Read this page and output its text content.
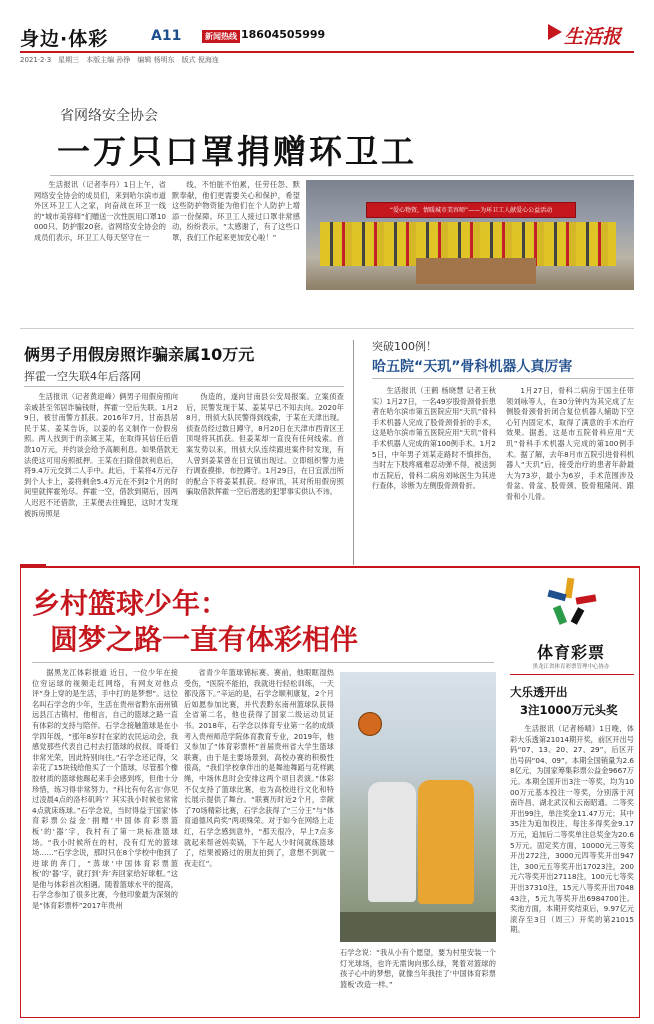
身边·体彩	A11	新闻热线 18604505999	生活报
2021·2·3　星期三　本版主编 孙铮　编辑 杨明东　版式 倪海连
省网络安全协会
一万只口罩捐赠环卫工

生活报讯（记者李丹）1日上午，省网络安全协会的成员们，来到哈尔滨市道外区环卫工人之家，向奋战在环卫一线的“城市美容师”们赠送一次性医用口罩10000只、防护服20套。省网络安全协会的成员们表示，环卫工人每天坚守在一

线，不怕脏不怕累，任劳任怨、默默奉献，他们更需要关心和保护，希望这些防护物资能为他们在个人防护上增添一份保障。环卫工人接过口罩非常感动，纷纷表示，“太感谢了，有了这些口罩，我们工作起来更加安心啦！”

“爱心物资，情暖城市美容师”——为环卫工人献爱心公益活动
俩男子用假房照诈骗亲属10万元
挥霍一空失联4年后落网

生活报讯（记者黄迎峰）俩男子用假房照向亲戚甚至邻居诈骗钱财，挥霍一空后失联。1月29日，被甘南警方抓获。2016年7月，甘南县居民于某、姜某告诉，以姜的名义制作一份假房照。两人找到于的亲属王某，在取得其信任后借款10万元，并约谈会给予高额利息。如果借款无法使这可用房照抵押。王某在扫除借款利息后，将9.4万元交到二人手中。此后，于某将4万元存到个人卡上，姜将剩余5.4万元在不到2个月的时间里就挥霍殆尽。挥霍一空，借款到期后，因两人迟迟不还借款，王某便去往魄犯，这时才发现被拆房照是

伪造的，遂向甘南县公安局报案。立案侦查后，民警发现于某、姜某早已不知去向。2020年8月，刑侦大队民警得到线索，于某在天津出现。侦查员经过数日蹲守，8月20日在天津市西青区王顶堤将其抓获。但姜某却一直没有任何线索。首案发势以来，刑侦大队连续跟进案件时发现，有人曾到姜某曾在日宜镇出现过。立即组织警力进行调查摸排、布控蹲守。1月29日，在日宜派出所的配合下将姜某抓获。经审讯，其对所用假房照骗取借款挥霍一空后潜逃的犯罪事实供认不讳。

突破100例！
哈五院“天玑”骨科机器人真厉害

生活报讯（王鹤 杨晓慧 记者王秋实）1月27日，一名49岁股骨颈骨折患者在哈尔滨市第五医院应用“天玑”骨科手术机器人完成了股骨颈骨折的手术，这是哈尔滨市第五医院应用“天玑”骨科手术机器人完成的第100例手术。1月25日，中年男子刘某走路时不慎摔伤，当时左下肢疼痛难忍动弹不得，被送到市五院后，骨科二病房刘咏医生为其进行查体，诊断为左侧股骨颈骨折。

1月27日，骨科二病房于国主任带领刘咏等人，在30分钟内为其完成了左侧股骨颈骨折闭合复位机器人辅助下空心钉内固定术，取得了满意的手术治疗效果。据悉，这是市五院骨科应用“天玑”骨科手术机器人完成的第100例手术。据了解，去年8月市五院引进骨科机器人“天玑”后，接受治疗的患者年龄最大为73岁，最小为6岁，手术范围涉及骨盆、骨盆、股骨颈、股骨粗隆间、跟骨和小儿骨。

乡村篮球少年：
圆梦之路一直有体彩相伴

据黑龙江体彩报道 近日，一位少年在接位穷运球的视频走红网络，有网友对他点评“身上穿的是生活，手中打的是梦想”。这位名叫石学念的少年，生活在贵州省黔东南州镇远县江古镇村，他相言，自己的篮球之路一直有体彩的支持与陪伴。石学念接触篮球是在小学四年级，“那年8岁时在家的农民运动会，我感觉那些代表自己村去打篮球的叔叔、哥哥们非常光荣，因此特别向往。”石学念还记得，父亲花了15块钱给他买了一个篮球，尽管那个橡胶材质的篮球他踢起来手会感到疼，但他十分珍惜，练习得非常努力。“科比有句名言‘你见过凌晨4点的洛杉矶吗’？其实我小时候也常常4点就床练球。”石学念说，当时得益于国家‘体育彩票公益金’捐赠‘中国体育彩票篮板’的‘器’字，我村有了第一块标准篮球场。“我小时候所在的村，没有灯光的篮球场……”石学念说，那时只在8个学校中他到了进球的奔门，“蒸球‘中国体育彩票篮板’的‘器’字，就打到‘奔’奔回家给好球框。”这是他与体彩首次相遇。随着篮球水平的提高，石学念参加了很多比赛，今他印象最为深刻的是“体育彩票杯”2017年贵州

省青少年篮球锦标赛。赛前，他眼眶湿热受伤，“医院不能拍，我就进行轻松训练，一天都没落下。”辛运的是，石学念顺利康复，2个月后如愿参加比赛，并代表黔东南州篮球队获得全省第二名，他也获得了国家二级运动员证书。2018年，石学念以体育专业第一名的成绩考入贵州师范学院体育教育专业，2019年，他又参加了“体育彩票杯”首届贵州省大学生篮球联赛，由于是主要场景到，高校办赛的积极性很高，“我们学校拿伴出的是舞池舞蹈与花样跳绳，中场休息时会安排这两个项目表演。”体彩不仅支持了篮球比赛，也为高校进行文化和特长展示提供了舞台。“联赛历时近2个月，幸献了70场精彩比赛，石学念获得了“三分王”与“体育道德风尚奖”两项殊荣。对于如今在网络上走红，石学念感到意外，“那天很冷，早上7点多就起来帮爸妈卖锅，下午起人少时间就练篮球了，结果被路过的朋友拍到了，意想不到就一夜走红”。

石学念说：“我从小有个愿望，要为村里安装一个灯光球场，也许无需询向那么绿，凳着对篮球的孩子心中的梦想，就像当年我挂了‘中国体育彩票篮板’改造一样。”

体育彩票
黑龙江省体育彩票管理中心协办
大乐透开出
3注1000万元头奖

生活报讯（记者杨晴）1日晚，体彩大乐透第21014期开奖，前区开出号码“07、13、20、27、29”，后区开出号码“04、09”。本期全国销量为2.68亿元，为国家筹集彩票公益金9667万元。本期全国开出3注一等奖，均为1000万元基本投注一等奖，分别落于河南许昌、湖北武汉和云南昭通。二等奖开出99注，单注奖金11.47万元；其中35注为追加投注，每注多得奖金9.17万元，追加后二等奖单注总奖金为20.65万元。固定奖方面，10000元三等奖开出272注，3000元四等奖开出947注，300元五等奖开出17023注，200元六等奖开出27118注，100元七等奖开出37310注，15元八等奖开出704843注，5元九等奖开出6984700注。奖池方面，本期开奖结束后，9.97亿元滚存至3日（周三）开奖的第21015期。
